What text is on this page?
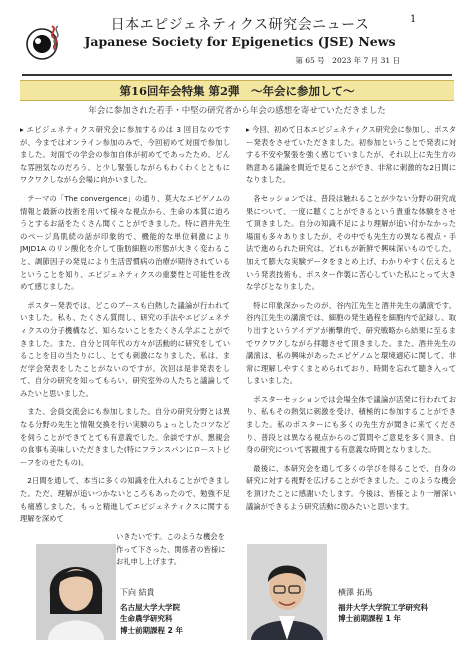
日本エピジェネティクス研究会ニュース
Japanese Society for Epigenetics (JSE) News
第 65 号　2023 年 7 月 31 日
1
第16回年会特集 第2弾　〜年会に参加して〜
年会に参加された若手・中堅の研究者から年会の感想を寄せていただきました

▸ エピジェネティクス研究会に参加するのは 3 回目なのですが、今まではオンライン参加のみで、今回初めて対面で参加しました。対面での学会の参加自体が初めてであったため、どんな雰囲気なのだろう、と少し緊張しながらもわくわくとともにワクワクしながら会場に向かいました。

テーマの「The convergence」の通り、莫大なエピゲノムの情報と最新の技術を用いて様々な視点から、生命の本質に迫ろうとするお話をたくさん聞くことができました。特に酒井先生のページ鳥肌続の話が印象的で、機能的な単位刺激によりJMJD1A のリン酸化を介して脂肪細胞の形態が大きく変わること、調節因子の発見により生活習慣病の治療が期待されているということを知り、エピジェネティクスの重要性と可能性を改めて感じました。

ポスター発表では、どこのブースも白熱した議論が行われていました。私も、たくさん質問し、研究の手法やエピジェネティクスの分子機構など、知らないことをたくさん学ぶことができました。また、自分と同年代の方々が活動的に研究をしていることを目の当たりにし、とても刺激になりました。私は、まだ学会発表をしたことがないのですが、次回は是非発表をして、自分の研究を知ってもらい、研究室外の人たちと議論してみたいと思いました。

また、会員交流会にも参加しました。自分の研究分野とは異なる分野の先生と情報交換を行い実験のちょっとしたコツなどを伺うことができてとても有意義でした。余談ですが、懇親会の食事も美味しいただきました(特にフランスパンにローストビーフをのせたもの)。

2日間を通して、本当に多くの知識を仕入れることができました。ただ、理解が追いつかないところもあったので、勉強不足も痛感しました。もっと精進してエピジェネティクスに関する理解を深めて

いきたいです。このような機会を作って下さった、関係者の皆様にお礼申し上げます。

▸ 今回、初めて日本エピジェネティクス研究会に参加し、ポスター発表をさせていただきました。初参加ということで発表に対する不安や緊張を強く感じていましたが、それ以上に先生方の熱意ある議論を間近で見ることができ、非常に刺激的な2日間になりました。

各セッションでは、普段は触れることが少ない分野の研究成果について、一度に聴くことができるという貴重な体験をさせて頂きました。自分の知識不足により理解が追い付かなかった場面も多々ありましたが、その中でも先生方の異なる視点・手法で進められた研究は、どれもが新鮮で興味深いものでした。加えて膨大な実験データをまとめ上げ、わかりやすく伝えるという発表技術も、ポスター作製に苦心していた私にとって大きな学びとなりました。

特に印象深かったのが、谷内江先生と酒井先生の講演です。谷内江先生の講演では、細胞の発生過程を細胞内で記録し、取り出すというアイデアが衝撃的で、研究戦略から結果に至るまでワクワクしながら拝聴させて頂きました。また、酒井先生の講演は、私の興味があったエピゲノムと環境適応に関して、非常に理解しやすくまとめられており、時間を忘れて聴き入ってしまいました。

ポスターセッションでは会場全体で議論が活発に行われており、私もその熱気に刺激を受け、積極的に参加することができました。私のポスターにも多くの先生方が聞きに来てくださり、普段とは異なる視点からのご質問やご意見を多く頂き、自身の研究について客観視する有意義な時間となりました。

最後に、本研究会を通して多くの学びを得ることで、自身の研究に対する視野を広げることができました。このような機会を頂けたことに感謝いたします。今後は、皆様とより一層深い議論ができるよう研究活動に励みたいと思います。

下向 結貴
名古屋大学大学院
生命農学研究科
博士前期課程 2 年
横澤 拓馬
福井大学大学院工学研究科
博士前期課程 1 年
